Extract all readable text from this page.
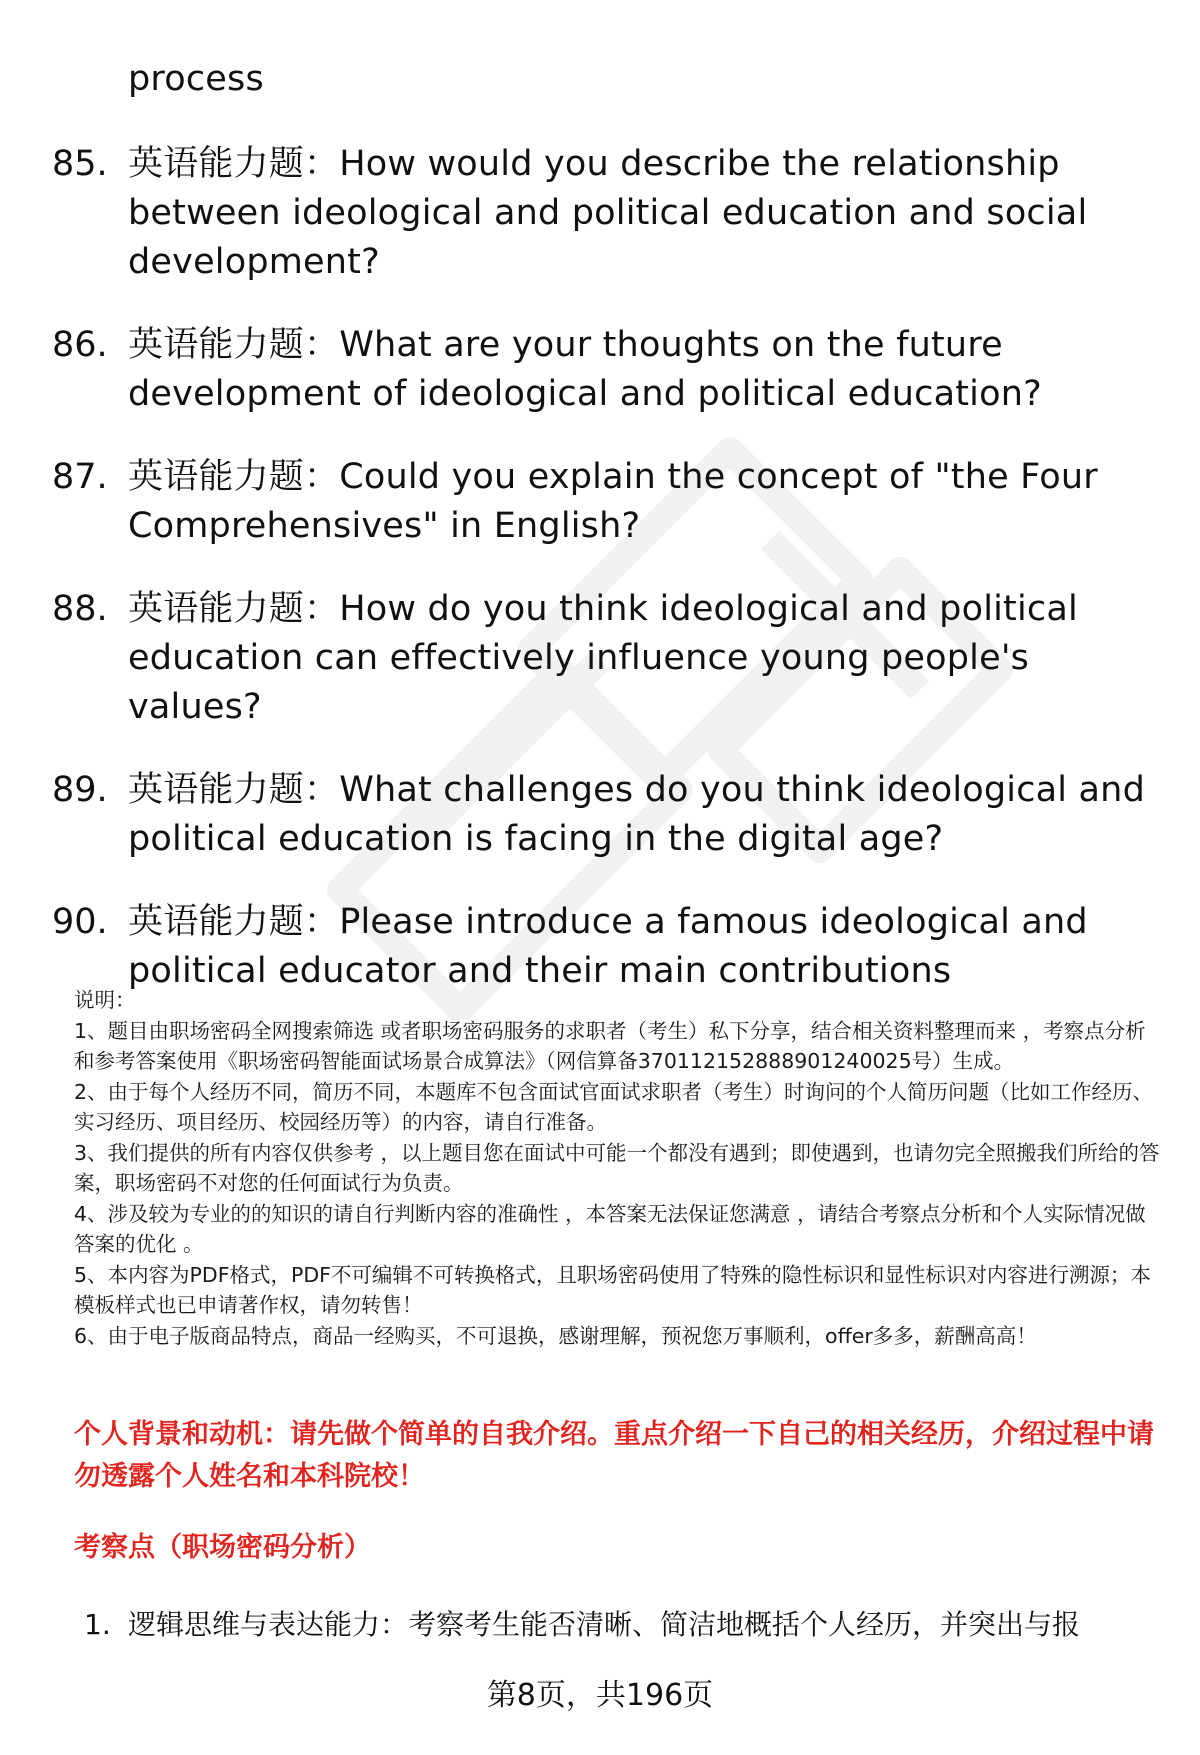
process
85. 英语能力题：How would you describe the relationship between ideological and political education and social development?
86. 英语能力题：What are your thoughts on the future development of ideological and political education?
87. 英语能力题：Could you explain the concept of "the Four Comprehensives" in English?
88. 英语能力题：How do you think ideological and political education can effectively influence young people's values?
89. 英语能力题：What challenges do you think ideological and political education is facing in the digital age?
90. 英语能力题：Please introduce a famous ideological and political educator and their main contributions

说明：

1、题目由职场密码全网搜索筛选 或者职场密码服务的求职者（考生）私下分享，结合相关资料整理而来 ，考察点分析和参考答案使用《职场密码智能面试场景合成算法》（网信算备370112152888901240025号）生成。

2、由于每个人经历不同，简历不同，本题库不包含面试官面试求职者（考生）时询问的个人简历问题（比如工作经历、实习经历、项目经历、校园经历等）的内容，请自行准备。

3、我们提供的所有内容仅供参考 ，以上题目您在面试中可能一个都没有遇到；即使遇到，也请勿完全照搬我们所给的答案，职场密码不对您的任何面试行为负责。

4、涉及较为专业的的知识的请自行判断内容的准确性 ，本答案无法保证您满意 ，请结合考察点分析和个人实际情况做答案的优化 。

5、本内容为PDF格式，PDF不可编辑不可转换格式，且职场密码使用了特殊的隐性标识和显性标识对内容进行溯源；本模板样式也已申请著作权，请勿转售！

6、由于电子版商品特点，商品一经购买，不可退换，感谢理解，预祝您万事顺利，offer多多，薪酬高高！

个人背景和动机：请先做个简单的自我介绍。重点介绍一下自己的相关经历，介绍过程中请勿透露个人姓名和本科院校！
考察点（职场密码分析）
1. 逻辑思维与表达能力：考察考生能否清晰、简洁地概括个人经历，并突出与报
第8页，共196页
